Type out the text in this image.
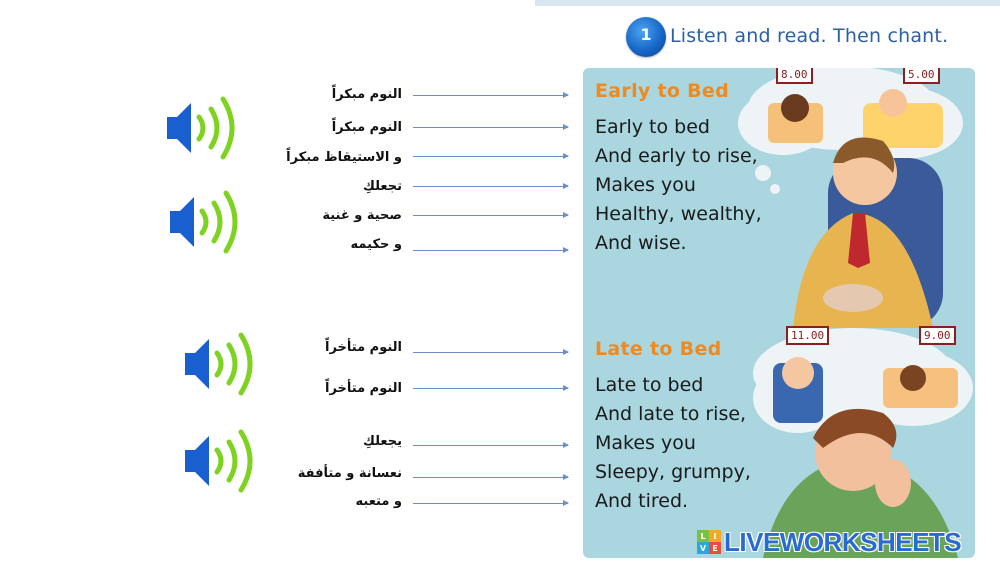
1 Listen and read. Then chant.
النوم مبكراً
النوم مبكراً
و الاستيقاظ مبكراً
تجعلكِ
صحية و غنية
و حكيمه
النوم متأخراً
النوم متأخراً
يجعلكِ
نعسانة و متأففة
و متعبه
8.00	5.00
11.00	9.00
Early to Bed
Early to bed
And early to rise,
Makes you
Healthy, wealthy,
And wise.
Late to Bed
Late to bed
And late to rise,
Makes you
Sleepy, grumpy,
And tired.
L I
V E LIVEWORKSHEETS
